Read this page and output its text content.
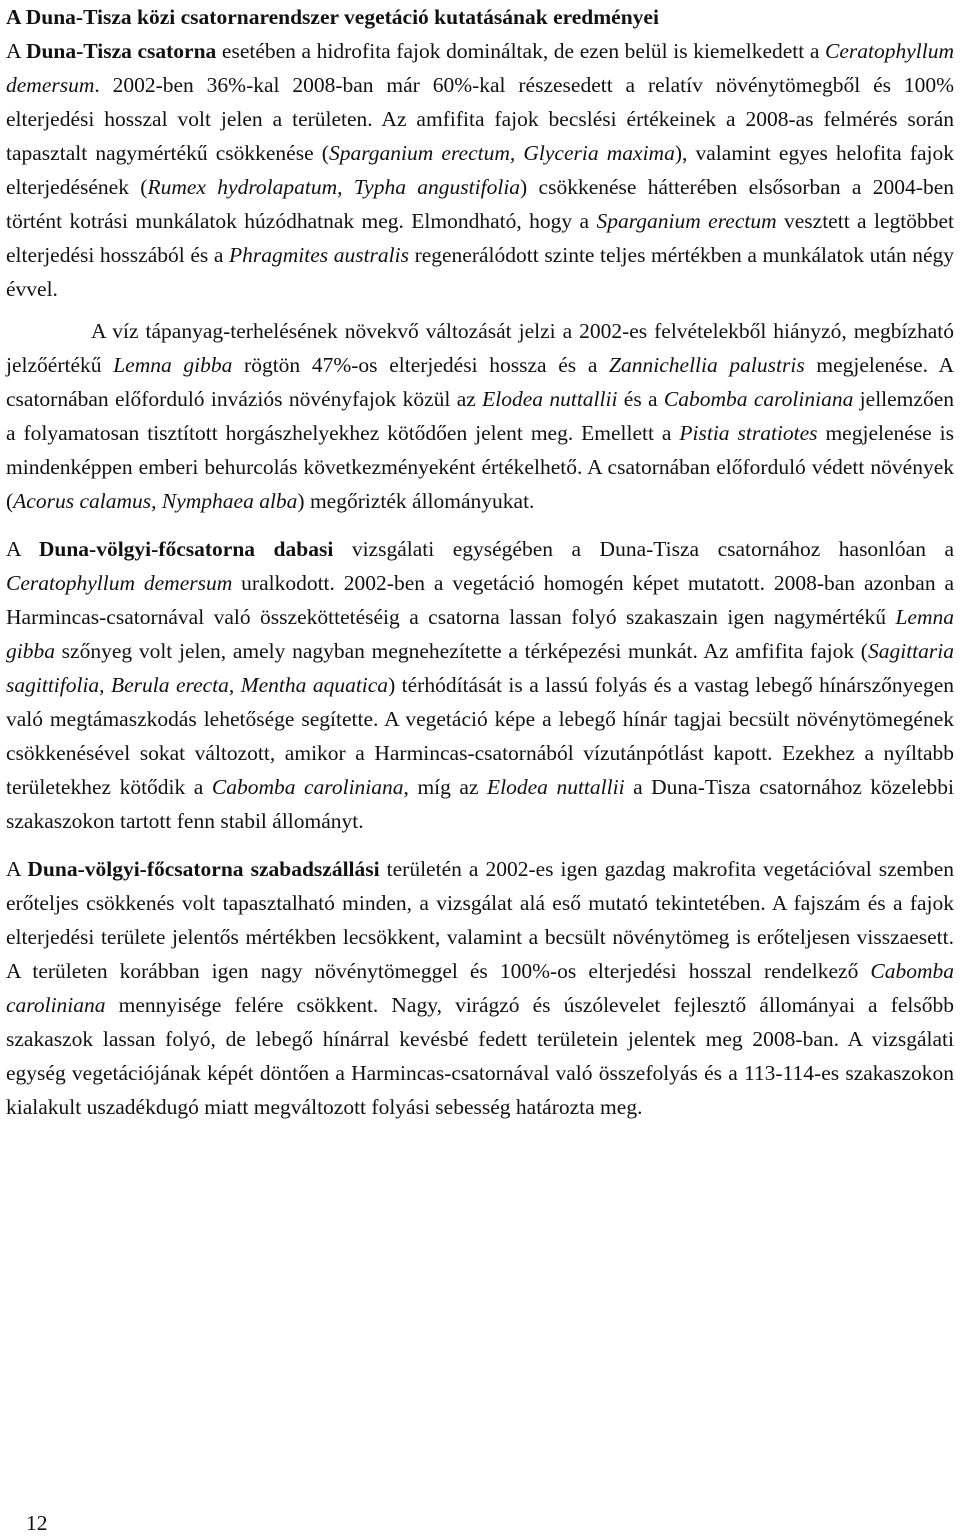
A Duna-Tisza közi csatornarendszer vegetáció kutatásának eredményei

A Duna-Tisza csatorna esetében a hidrofita fajok domináltak, de ezen belül is kiemelkedett a Ceratophyllum demersum. 2002-ben 36%-kal 2008-ban már 60%-kal részesedett a relatív növénytömegből és 100% elterjedési hosszal volt jelen a területen. Az amfifita fajok becslési értékeinek a 2008-as felmérés során tapasztalt nagymértékű csökkenése (Sparganium erectum, Glyceria maxima), valamint egyes helofita fajok elterjedésének (Rumex hydrolapatum, Typha angustifolia) csökkenése hátterében elsősorban a 2004-ben történt kotrási munkálatok húzódhatnak meg. Elmondható, hogy a Sparganium erectum vesztett a legtöbbet elterjedési hosszából és a Phragmites australis regenerálódott szinte teljes mértékben a munkálatok után négy évvel.

A víz tápanyag-terhelésének növekvő változását jelzi a 2002-es felvételekből hiányzó, megbízható jelzőértékű Lemna gibba rögtön 47%-os elterjedési hossza és a Zannichellia palustris megjelenése. A csatornában előforduló inváziós növényfajok közül az Elodea nuttallii és a Cabomba caroliniana jellemzően a folyamatosan tisztított horgászhelyekhez kötődően jelent meg. Emellett a Pistia stratiotes megjelenése is mindenképpen emberi behurcolás következményeként értékelhető. A csatornában előforduló védett növények (Acorus calamus, Nymphaea alba) megőrizték állományukat.

A Duna-völgyi-főcsatorna dabasi vizsgálati egységében a Duna-Tisza csatornához hasonlóan a Ceratophyllum demersum uralkodott. 2002-ben a vegetáció homogén képet mutatott. 2008-ban azonban a Harmincas-csatornával való összeköttetéséig a csatorna lassan folyó szakaszain igen nagymértékű Lemna gibba szőnyeg volt jelen, amely nagyban megnehezítette a térképezési munkát. Az amfifita fajok (Sagittaria sagittifolia, Berula erecta, Mentha aquatica) térhódítását is a lassú folyás és a vastag lebegő hínárszőnyegen való megtámaszkodás lehetősége segítette. A vegetáció képe a lebegő hínár tagjai becsült növénytömegének csökkenésével sokat változott, amikor a Harmincas-csatornából vízutánpótlást kapott. Ezekhez a nyíltabb területekhez kötődik a Cabomba caroliniana, míg az Elodea nuttallii a Duna-Tisza csatornához közelebbi szakaszokon tartott fenn stabil állományt.

A Duna-völgyi-főcsatorna szabadszállási területén a 2002-es igen gazdag makrofita vegetációval szemben erőteljes csökkenés volt tapasztalható minden, a vizsgálat alá eső mutató tekintetében. A fajszám és a fajok elterjedési területe jelentős mértékben lecsökkent, valamint a becsült növénytömeg is erőteljesen visszaesett. A területen korábban igen nagy növénytömeggel és 100%-os elterjedési hosszal rendelkező Cabomba caroliniana mennyisége felére csökkent. Nagy, virágzó és úszólevelet fejlesztő állományai a felsőbb szakaszok lassan folyó, de lebegő hínárral kevésbé fedett területein jelentek meg 2008-ban. A vizsgálati egység vegetációjának képét döntően a Harmincas-csatornával való összefolyás és a 113-114-es szakaszokon kialakult uszadékdugó miatt megváltozott folyási sebesség határozta meg.

12
